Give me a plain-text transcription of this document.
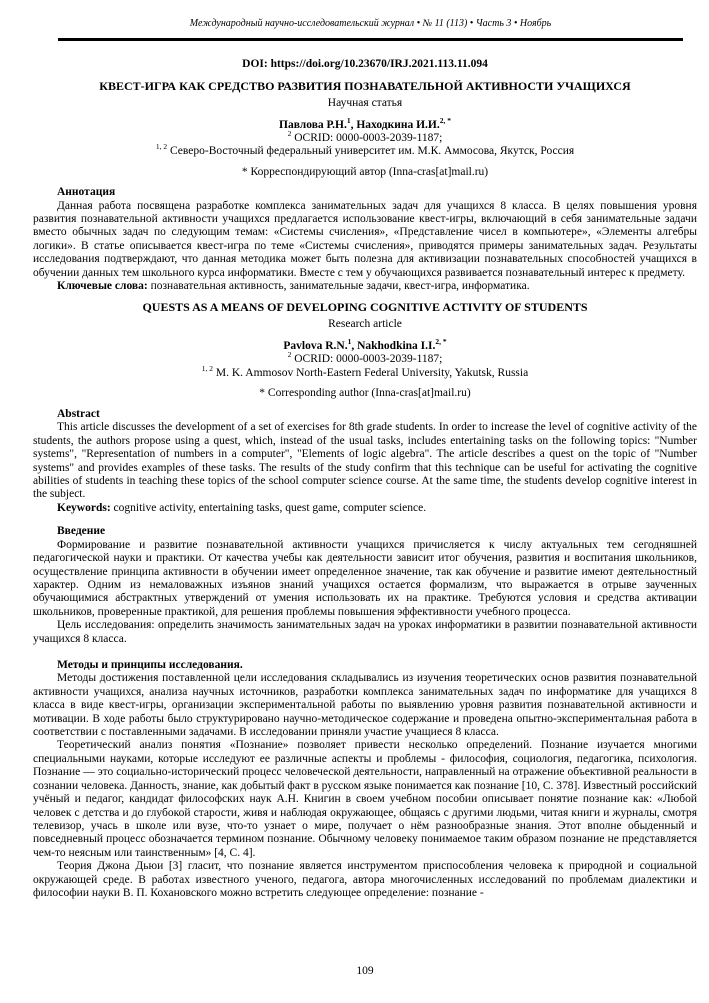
Международный научно-исследовательский журнал • № 11 (113) • Часть 3 • Ноябрь
DOI: https://doi.org/10.23670/IRJ.2021.113.11.094
КВЕСТ-ИГРА КАК СРЕДСТВО РАЗВИТИЯ ПОЗНАВАТЕЛЬНОЙ АКТИВНОСТИ УЧАЩИХСЯ
Научная статья
Павлова Р.Н.$^1$, Находкина И.И.$^{2, *}$
$^2$ OCRID: 0000-0003-2039-1187;
$^{1, 2}$ Северо-Восточный федеральный университет им. М.К. Аммосова, Якутск, Россия
* Корреспондирующий автор (Inna-cras[at]mail.ru)
Аннотация

Данная работа посвящена разработке комплекса занимательных задач для учащихся 8 класса. В целях повышения уровня развития познавательной активности учащихся предлагается использование квест-игры, включающий в себя занимательные задачи вместо обычных задач по следующим темам: «Системы счисления», «Представление чисел в компьютере», «Элементы алгебры логики». В статье описывается квест-игра по теме «Системы счисления», приводятся примеры занимательных задач. Результаты исследования подтверждают, что данная методика может быть полезна для активизации познавательных способностей учащихся в обучении данных тем школьного курса информатики. Вместе с тем у обучающихся развивается познавательный интерес к предмету.

Ключевые слова: познавательная активность, занимательные задачи, квест-игра, информатика.

QUESTS AS A MEANS OF DEVELOPING COGNITIVE ACTIVITY OF STUDENTS
Research article
Pavlova R.N.$^1$, Nakhodkina I.I.$^{2, *}$
$^2$ OCRID: 0000-0003-2039-1187;
$^{1, 2}$ M. K. Ammosov North-Eastern Federal University, Yakutsk, Russia
* Corresponding author (Inna-cras[at]mail.ru)
Abstract

This article discusses the development of a set of exercises for 8th grade students. In order to increase the level of cognitive activity of the students, the authors propose using a quest, which, instead of the usual tasks, includes entertaining tasks on the following topics: "Number systems", "Representation of numbers in a computer", "Elements of logic algebra". The article describes a quest on the topic of "Number systems" and provides examples of these tasks. The results of the study confirm that this technique can be useful for activating the cognitive abilities of students in teaching these topics of the school computer science course. At the same time, the students develop cognitive interest in the subject.

Keywords: cognitive activity, entertaining tasks, quest game, computer science.

Введение

Формирование и развитие познавательной активности учащихся причисляется к числу актуальных тем сегодняшней педагогической науки и практики. От качества учебы как деятельности зависит итог обучения, развития и воспитания школьников, осуществление принципа активности в обучении имеет определенное значение, так как обучение и развитие имеют деятельностный характер. Одним из немаловажных изъянов знаний учащихся остается формализм, что выражается в отрыве заученных обучающимися абстрактных утверждений от умения использовать их на практике. Требуются условия и средства активации школьников, проверенные практикой, для решения проблемы повышения эффективности учебного процесса.

Цель исследования: определить значимость занимательных задач на уроках информатики в развитии познавательной активности учащихся 8 класса.

Методы и принципы исследования.

Методы достижения поставленной цели исследования складывались из изучения теоретических основ развития познавательной активности учащихся, анализа научных источников, разработки комплекса занимательных задач по информатике для учащихся 8 класса в виде квест-игры, организации экспериментальной работы по выявлению уровня развития познавательной активности и мотивации. В ходе работы было структурировано научно-методическое содержание и проведена опытно-экспериментальная работа в соответствии с поставленными задачами. В исследовании приняли участие учащиеся 8 класса.

Теоретический анализ понятия «Познание» позволяет привести несколько определений. Познание изучается многими специальными науками, которые исследуют ее различные аспекты и проблемы - философия, социология, педагогика, психология. Познание — это социально-исторический процесс человеческой деятельности, направленный на отражение объективной реальности в сознании человека. Данность, знание, как добытый факт в русском языке понимается как познание [10, С. 378]. Известный российский учёный и педагог, кандидат философских наук А.Н. Книгин в своем учебном пособии описывает понятие познание как: «Любой человек с детства и до глубокой старости, живя и наблюдая окружающее, общаясь с другими людьми, читая книги и журналы, смотря телевизор, учась в школе или вузе, что-то узнает о мире, получает о нём разнообразные знания. Этот вполне обыденный и повседневный процесс обозначается термином познание. Обычному человеку понимаемое таким образом познание не представляется чем-то неясным или таинственным» [4, С. 4].

Теория Джона Дьюи [3] гласит, что познание является инструментом приспособления человека к природной и социальной окружающей среде. В работах известного ученого, педагога, автора многочисленных исследований по проблемам диалектики и философии науки В. П. Кохановского можно встретить следующее определение: познание -

109
